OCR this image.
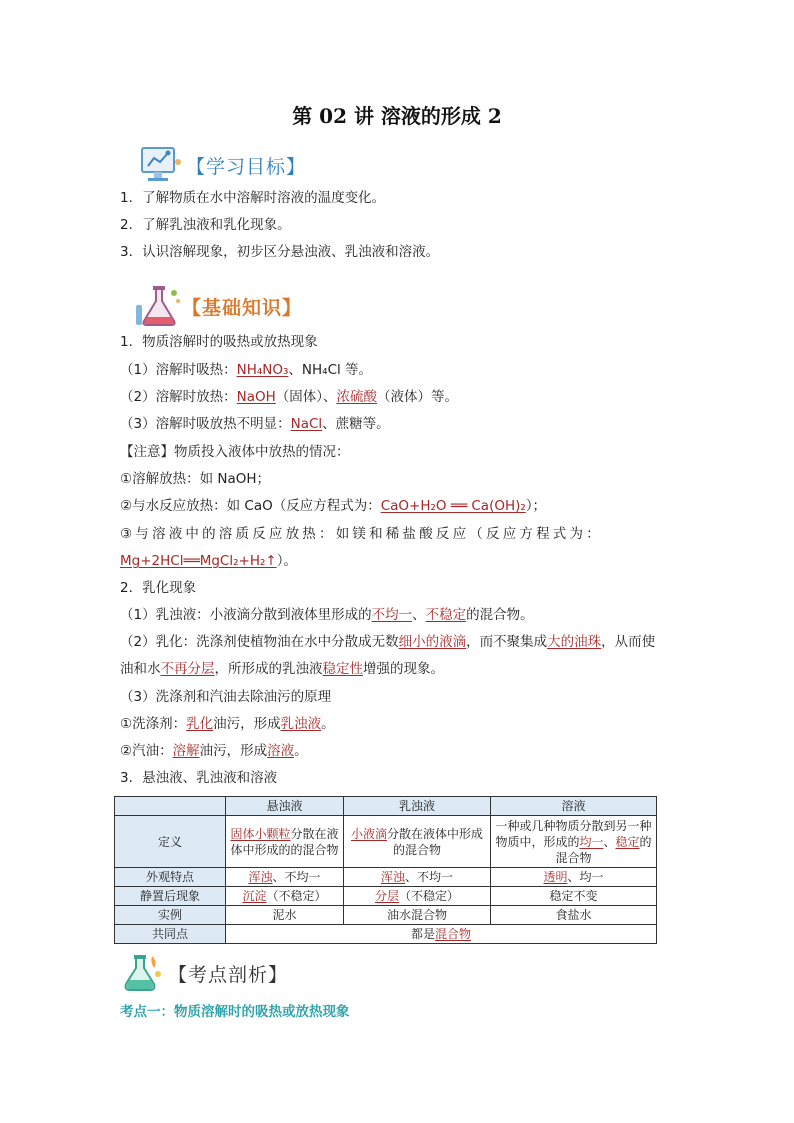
第 02 讲 溶液的形成 2
【学习目标】
1．了解物质在水中溶解时溶液的温度变化。
2．了解乳浊液和乳化现象。
3．认识溶解现象，初步区分悬浊液、乳浊液和溶液。
【基础知识】
1．物质溶解时的吸热或放热现象
（1）溶解时吸热：NH₄NO₃、NH₄Cl 等。
（2）溶解时放热：NaOH（固体）、浓硫酸（液体）等。
（3）溶解时吸放热不明显：NaCl、蔗糖等。
【注意】物质投入液体中放热的情况：
①溶解放热：如 NaOH；
②与水反应放热：如 CaO（反应方程式为：CaO+H₂O ══ Ca(OH)₂）；
③与溶液中的溶质反应放热：如镁和稀盐酸反应（反应方程式为：
Mg+2HCl══MgCl₂+H₂↑）。
2．乳化现象
（1）乳浊液：小液滴分散到液体里形成的不均一、不稳定的混合物。
（2）乳化：洗涤剂使植物油在水中分散成无数细小的液滴，而不聚集成大的油珠，从而使
油和水不再分层，所形成的乳浊液稳定性增强的现象。
（3）洗涤剂和汽油去除油污的原理
①洗涤剂：乳化油污，形成乳浊液。
②汽油：溶解油污，形成溶液。
3．悬浊液、乳浊液和溶液
	悬浊液	乳浊液	溶液
定义	固体小颗粒分散在液体中形成的的混合物	小液滴分散在液体中形成的混合物	一种或几种物质分散到另一种物质中，形成的均一、稳定的混合物
外观特点	浑浊、不均一	浑浊、不均一	透明、均一
静置后现象	沉淀（不稳定）	分层（不稳定）	稳定不变
实例	泥水	油水混合物	食盐水
共同点	都是混合物		
【考点剖析】
考点一：物质溶解时的吸热或放热现象
